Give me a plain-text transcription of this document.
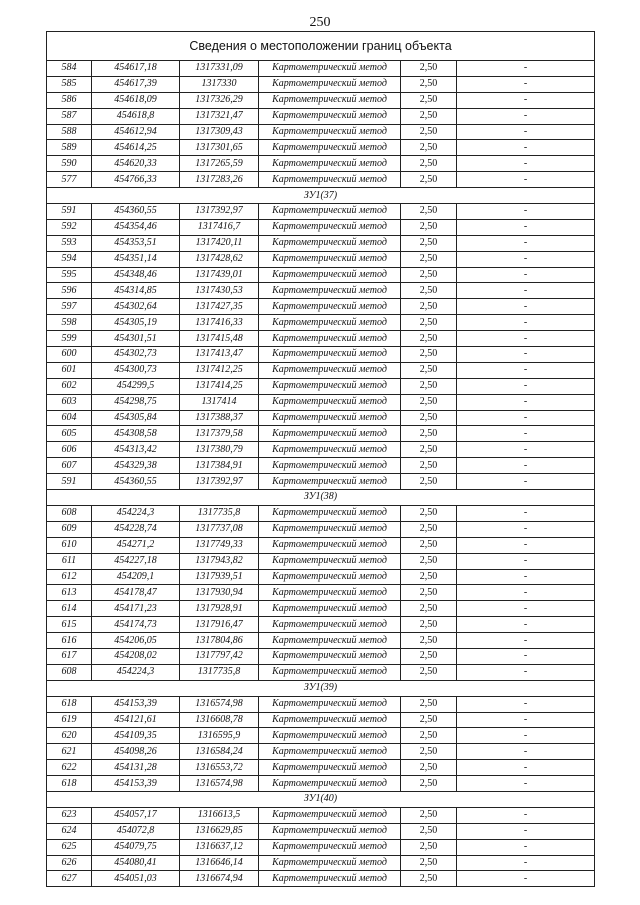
250
Сведения о местоположении границ объекта					
584	454617,18	1317331,09	Картометрический метод	2,50	-
585	454617,39	1317330	Картометрический метод	2,50	-
586	454618,09	1317326,29	Картометрический метод	2,50	-
587	454618,8	1317321,47	Картометрический метод	2,50	-
588	454612,94	1317309,43	Картометрический метод	2,50	-
589	454614,25	1317301,65	Картометрический метод	2,50	-
590	454620,33	1317265,59	Картометрический метод	2,50	-
577	454766,33	1317283,26	Картометрический метод	2,50	-
ЗУ1(37)					
591	454360,55	1317392,97	Картометрический метод	2,50	-
592	454354,46	1317416,7	Картометрический метод	2,50	-
593	454353,51	1317420,11	Картометрический метод	2,50	-
594	454351,14	1317428,62	Картометрический метод	2,50	-
595	454348,46	1317439,01	Картометрический метод	2,50	-
596	454314,85	1317430,53	Картометрический метод	2,50	-
597	454302,64	1317427,35	Картометрический метод	2,50	-
598	454305,19	1317416,33	Картометрический метод	2,50	-
599	454301,51	1317415,48	Картометрический метод	2,50	-
600	454302,73	1317413,47	Картометрический метод	2,50	-
601	454300,73	1317412,25	Картометрический метод	2,50	-
602	454299,5	1317414,25	Картометрический метод	2,50	-
603	454298,75	1317414	Картометрический метод	2,50	-
604	454305,84	1317388,37	Картометрический метод	2,50	-
605	454308,58	1317379,58	Картометрический метод	2,50	-
606	454313,42	1317380,79	Картометрический метод	2,50	-
607	454329,38	1317384,91	Картометрический метод	2,50	-
591	454360,55	1317392,97	Картометрический метод	2,50	-
ЗУ1(38)					
608	454224,3	1317735,8	Картометрический метод	2,50	-
609	454228,74	1317737,08	Картометрический метод	2,50	-
610	454271,2	1317749,33	Картометрический метод	2,50	-
611	454227,18	1317943,82	Картометрический метод	2,50	-
612	454209,1	1317939,51	Картометрический метод	2,50	-
613	454178,47	1317930,94	Картометрический метод	2,50	-
614	454171,23	1317928,91	Картометрический метод	2,50	-
615	454174,73	1317916,47	Картометрический метод	2,50	-
616	454206,05	1317804,86	Картометрический метод	2,50	-
617	454208,02	1317797,42	Картометрический метод	2,50	-
608	454224,3	1317735,8	Картометрический метод	2,50	-
ЗУ1(39)					
618	454153,39	1316574,98	Картометрический метод	2,50	-
619	454121,61	1316608,78	Картометрический метод	2,50	-
620	454109,35	1316595,9	Картометрический метод	2,50	-
621	454098,26	1316584,24	Картометрический метод	2,50	-
622	454131,28	1316553,72	Картометрический метод	2,50	-
618	454153,39	1316574,98	Картометрический метод	2,50	-
ЗУ1(40)					
623	454057,17	1316613,5	Картометрический метод	2,50	-
624	454072,8	1316629,85	Картометрический метод	2,50	-
625	454079,75	1316637,12	Картометрический метод	2,50	-
626	454080,41	1316646,14	Картометрический метод	2,50	-
627	454051,03	1316674,94	Картометрический метод	2,50	-
